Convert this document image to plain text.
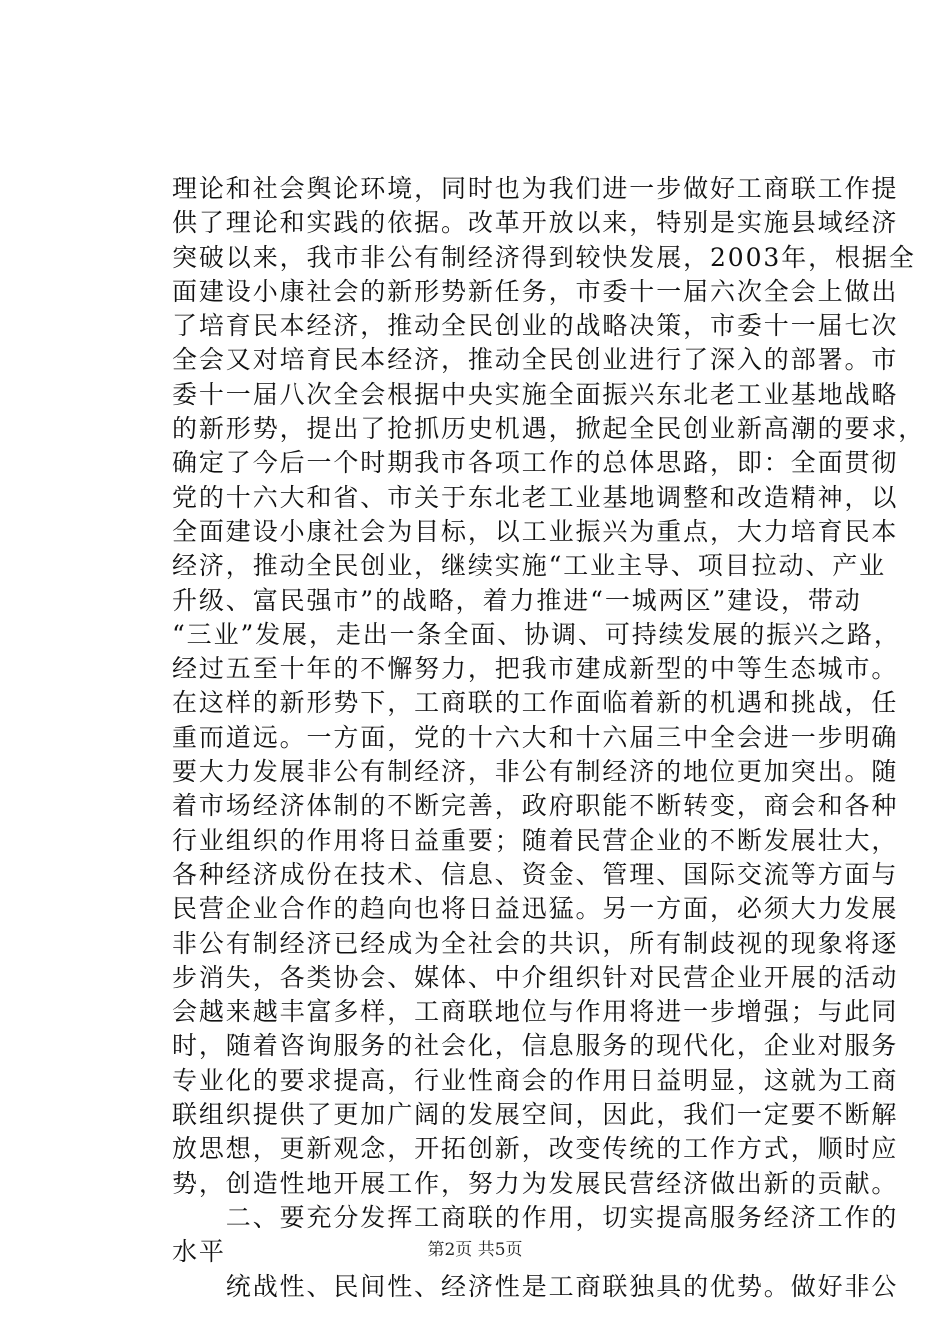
理论和社会舆论环境，同时也为我们进一步做好工商联工作提
供了理论和实践的依据。改革开放以来，特别是实施县域经济
突破以来，我市非公有制经济得到较快发展，2003年，根据全
面建设小康社会的新形势新任务，市委十一届六次全会上做出
了培育民本经济，推动全民创业的战略决策，市委十一届七次
全会又对培育民本经济，推动全民创业进行了深入的部署。市
委十一届八次全会根据中央实施全面振兴东北老工业基地战略
的新形势，提出了抢抓历史机遇，掀起全民创业新高潮的要求，
确定了今后一个时期我市各项工作的总体思路，即：全面贯彻
党的十六大和省、市关于东北老工业基地调整和改造精神，以
全面建设小康社会为目标，以工业振兴为重点，大力培育民本
经济，推动全民创业，继续实施“工业主导、项目拉动、产业
升级、富民强市”的战略，着力推进“一城两区”建设，带动
“三业”发展，走出一条全面、协调、可持续发展的振兴之路，
经过五至十年的不懈努力，把我市建成新型的中等生态城市。
在这样的新形势下，工商联的工作面临着新的机遇和挑战，任
重而道远。一方面，党的十六大和十六届三中全会进一步明确
要大力发展非公有制经济，非公有制经济的地位更加突出。随
着市场经济体制的不断完善，政府职能不断转变，商会和各种
行业组织的作用将日益重要；随着民营企业的不断发展壮大，
各种经济成份在技术、信息、资金、管理、国际交流等方面与
民营企业合作的趋向也将日益迅猛。另一方面，必须大力发展
非公有制经济已经成为全社会的共识，所有制歧视的现象将逐
步消失，各类协会、媒体、中介组织针对民营企业开展的活动
会越来越丰富多样，工商联地位与作用将进一步增强；与此同
时，随着咨询服务的社会化，信息服务的现代化，企业对服务
专业化的要求提高，行业性商会的作用日益明显，这就为工商
联组织提供了更加广阔的发展空间，因此，我们一定要不断解
放思想，更新观念，开拓创新，改变传统的工作方式，顺时应
势，创造性地开展工作，努力为发展民营经济做出新的贡献。
　　二、要充分发挥工商联的作用，切实提高服务经济工作的
水平
　　统战性、民间性、经济性是工商联独具的优势。做好非公
第2页 共5页
